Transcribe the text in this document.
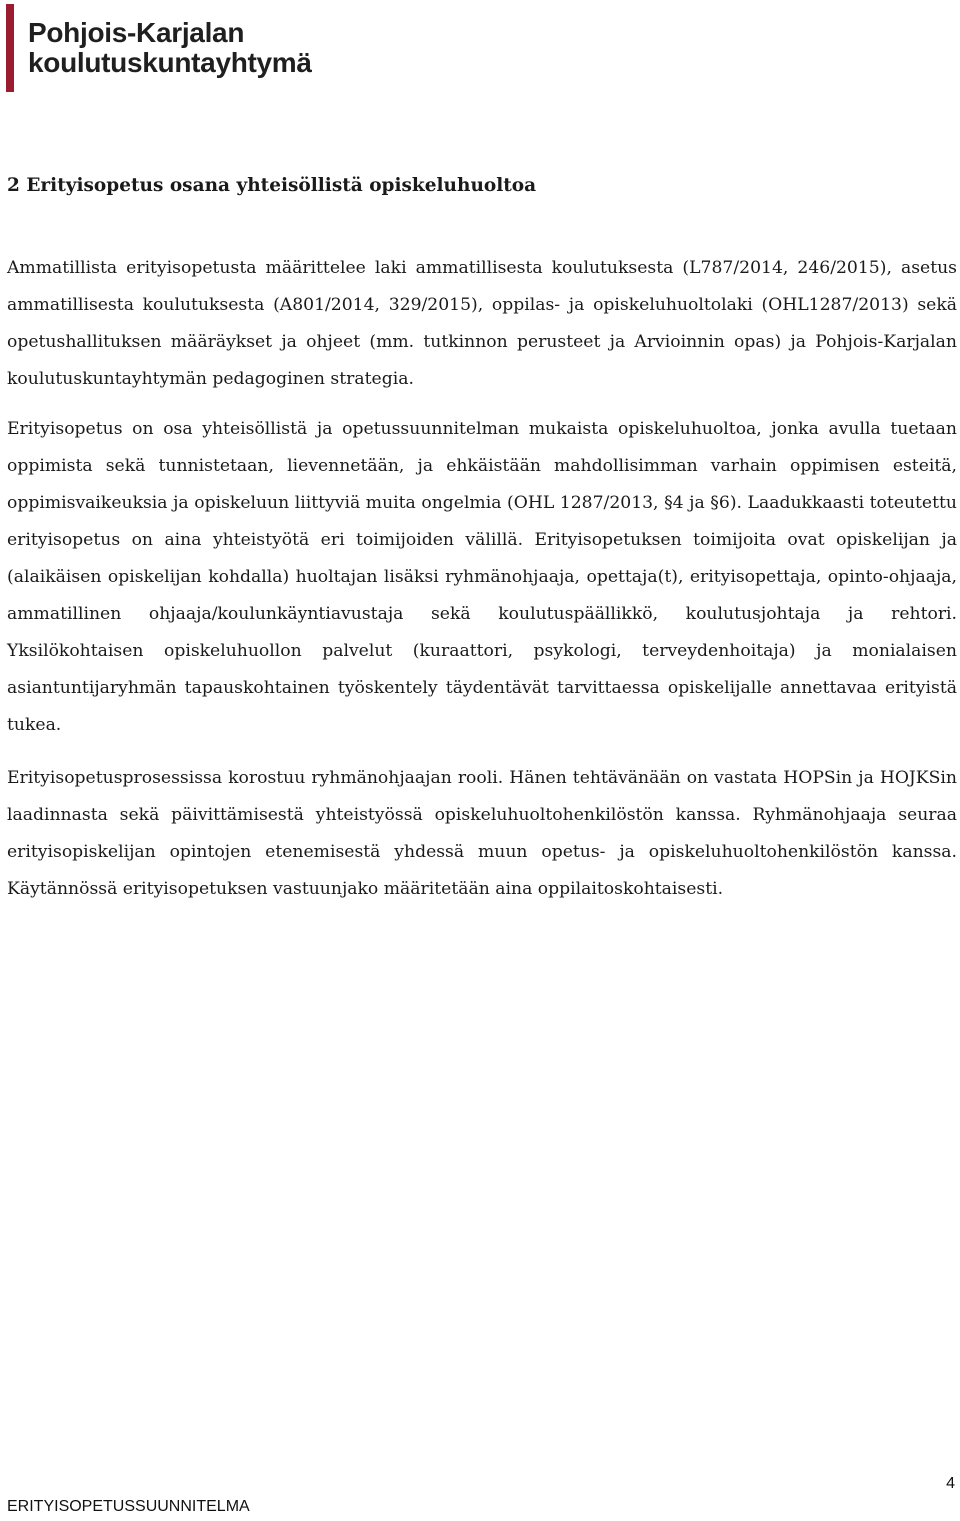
Pohjois-Karjalan
koulutuskuntayhtymä
2 Erityisopetus osana yhteisöllistä opiskeluhuoltoa

Ammatillista erityisopetusta määrittelee laki ammatillisesta koulutuksesta (L787/2014, 246/2015), asetus ammatillisesta koulutuksesta (A801/2014, 329/2015), oppilas- ja opiskeluhuoltolaki (OHL1287/2013) sekä opetushallituksen määräykset ja ohjeet (mm. tutkinnon perusteet ja Arvioinnin opas) ja Pohjois-Karjalan koulutuskuntayhtymän pedagoginen strategia.

Erityisopetus on osa yhteisöllistä ja opetussuunnitelman mukaista opiskeluhuoltoa, jonka avulla tuetaan oppimista sekä tunnistetaan, lievennetään, ja ehkäistään mahdollisimman varhain oppimisen esteitä, oppimisvaikeuksia ja opiskeluun liittyviä muita ongelmia (OHL 1287/2013, §4 ja §6). Laadukkaasti toteutettu erityisopetus on aina yhteistyötä eri toimijoiden välillä. Erityisopetuksen toimijoita ovat opiskelijan ja (alaikäisen opiskelijan kohdalla) huoltajan lisäksi ryhmänohjaaja, opettaja(t), erityisopettaja, opinto-ohjaaja, ammatillinen ohjaaja/koulunkäyntiavustaja sekä koulutuspäällikkö, koulutusjohtaja ja rehtori. Yksilökohtaisen opiskeluhuollon palvelut (kuraattori, psykologi, terveydenhoitaja) ja monialaisen asiantuntijaryhmän tapauskohtainen työskentely täydentävät tarvittaessa opiskelijalle annettavaa erityistä tukea.

Erityisopetusprosessissa korostuu ryhmänohjaajan rooli. Hänen tehtävänään on vastata HOPSin ja HOJKSin laadinnasta sekä päivittämisestä yhteistyössä opiskeluhuoltohenkilöstön kanssa. Ryhmänohjaaja seuraa erityisopiskelijan opintojen etenemisestä yhdessä muun opetus- ja opiskeluhuoltohenkilöstön kanssa. Käytännössä erityisopetuksen vastuunjako määritetään aina oppilaitoskohtaisesti.

4
ERITYISOPETUSSUUNNITELMA
